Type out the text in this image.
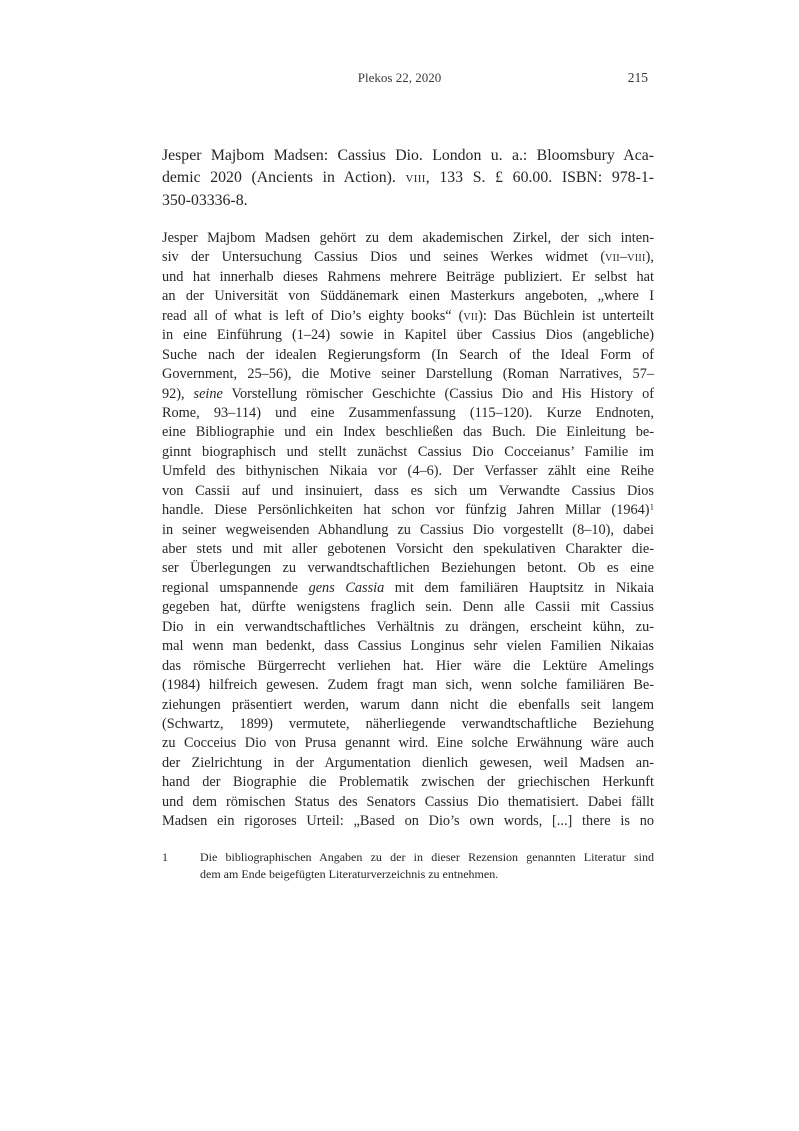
Plekos 22, 2020	215
Jesper Majbom Madsen: Cassius Dio. London u. a.: Bloomsbury Aca-
demic 2020 (Ancients in Action). viii, 133 S. £ 60.00. ISBN: 978-1-
350-03336-8.
Jesper Majbom Madsen gehört zu dem akademischen Zirkel, der sich inten-
siv der Untersuchung Cassius Dios und seines Werkes widmet (vii–viii),
und hat innerhalb dieses Rahmens mehrere Beiträge publiziert. Er selbst hat
an der Universität von Süddänemark einen Masterkurs angeboten, „where I
read all of what is left of Dio’s eighty books“ (vii): Das Büchlein ist unterteilt
in eine Einführung (1–24) sowie in Kapitel über Cassius Dios (angebliche)
Suche nach der idealen Regierungsform (In Search of the Ideal Form of
Government, 25–56), die Motive seiner Darstellung (Roman Narratives, 57–
92), seine Vorstellung römischer Geschichte (Cassius Dio and His History of
Rome, 93–114) und eine Zusammenfassung (115–120). Kurze Endnoten,
eine Bibliographie und ein Index beschließen das Buch. Die Einleitung be-
ginnt biographisch und stellt zunächst Cassius Dio Cocceianus’ Familie im
Umfeld des bithynischen Nikaia vor (4–6). Der Verfasser zählt eine Reihe
von Cassii auf und insinuiert, dass es sich um Verwandte Cassius Dios
handle. Diese Persönlichkeiten hat schon vor fünfzig Jahren Millar $(1964)^1$
in seiner wegweisenden Abhandlung zu Cassius Dio vorgestellt (8–10), dabei
aber stets und mit aller gebotenen Vorsicht den spekulativen Charakter die-
ser Überlegungen zu verwandtschaftlichen Beziehungen betont. Ob es eine
regional umspannende gens Cassia mit dem familiären Hauptsitz in Nikaia
gegeben hat, dürfte wenigstens fraglich sein. Denn alle Cassii mit Cassius
Dio in ein verwandtschaftliches Verhältnis zu drängen, erscheint kühn, zu-
mal wenn man bedenkt, dass Cassius Longinus sehr vielen Familien Nikaias
das römische Bürgerrecht verliehen hat. Hier wäre die Lektüre Amelings
(1984) hilfreich gewesen. Zudem fragt man sich, wenn solche familiären Be-
ziehungen präsentiert werden, warum dann nicht die ebenfalls seit langem
(Schwartz, 1899) vermutete, näherliegende verwandtschaftliche Beziehung
zu Cocceius Dio von Prusa genannt wird. Eine solche Erwähnung wäre auch
der Zielrichtung in der Argumentation dienlich gewesen, weil Madsen an-
hand der Biographie die Problematik zwischen der griechischen Herkunft
und dem römischen Status des Senators Cassius Dio thematisiert. Dabei fällt
Madsen ein rigoroses Urteil: „Based on Dio’s own words, [...] there is no
1	Die bibliographischen Angaben zu der in dieser Rezension genannten Literatur sind
dem am Ende beigefügten Literaturverzeichnis zu entnehmen.
